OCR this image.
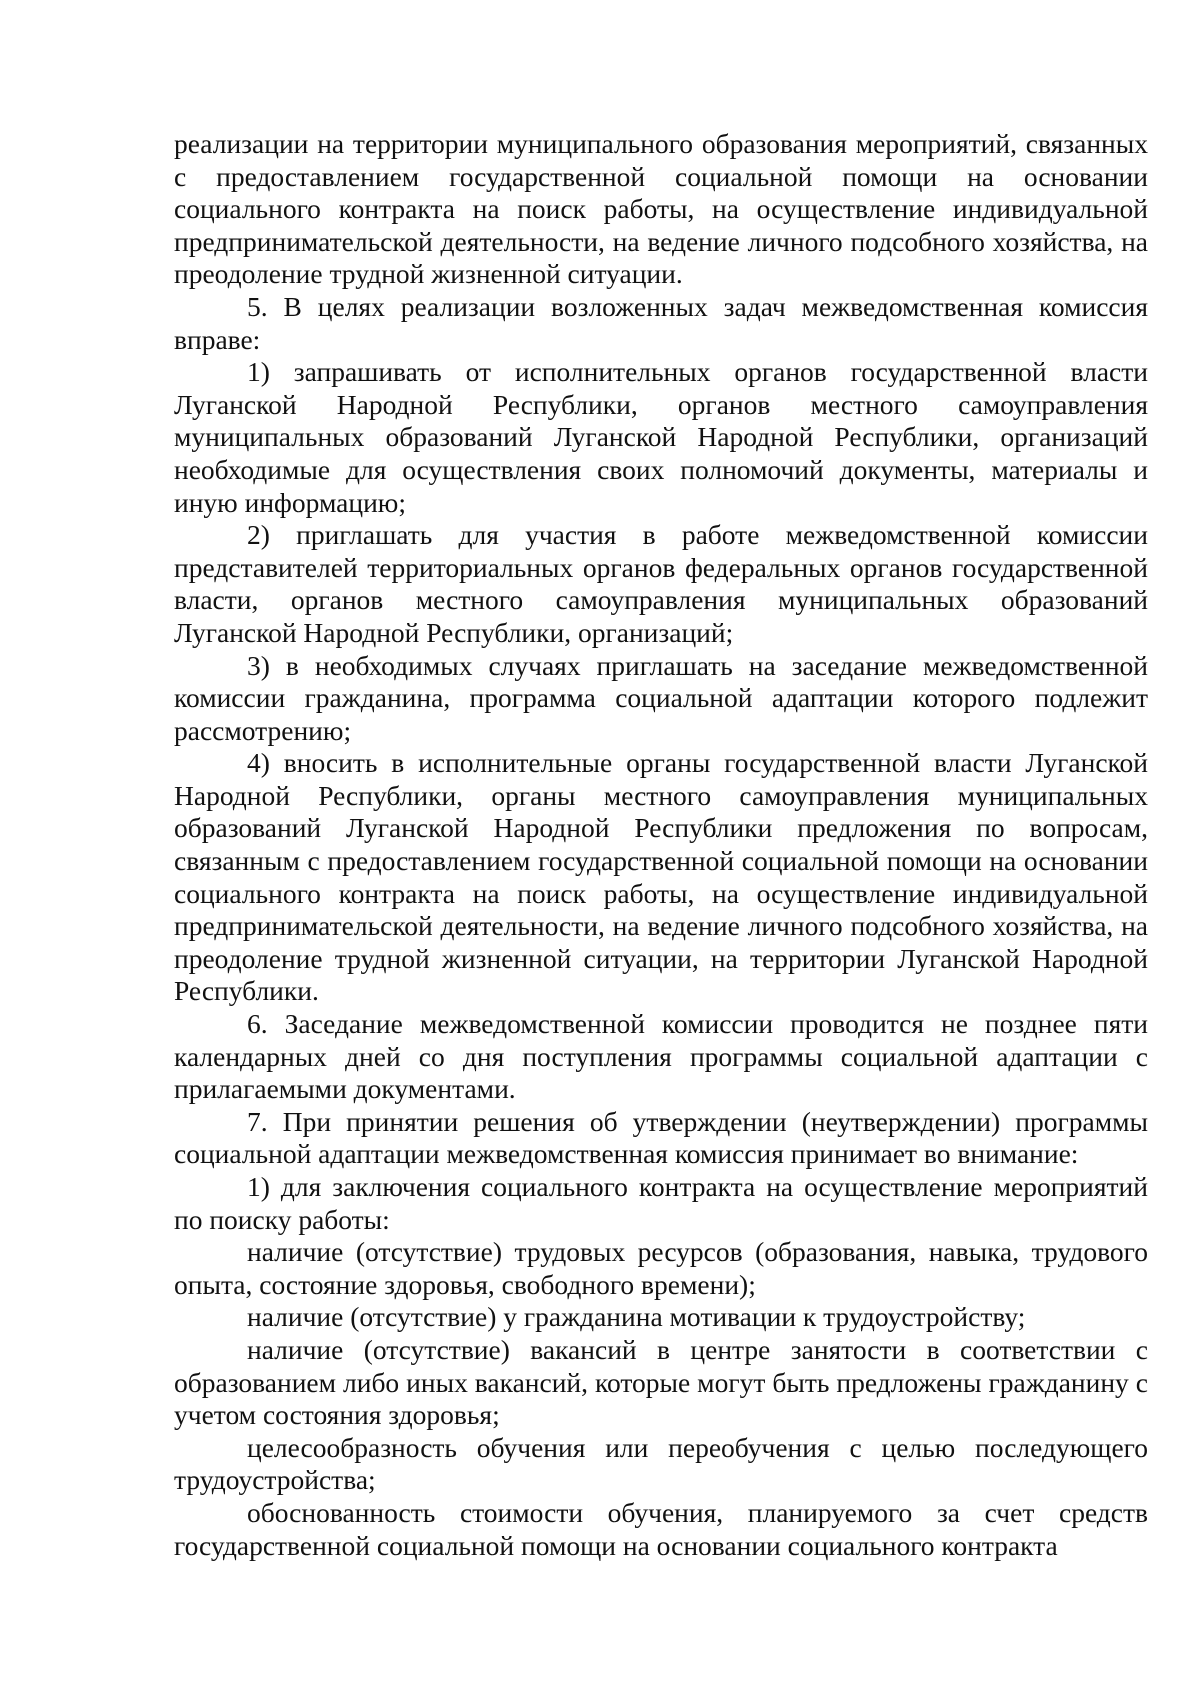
реализации на территории муниципального образования мероприятий, связанных с предоставлением государственной социальной помощи на основании социального контракта на поиск работы, на осуществление индивидуальной предпринимательской деятельности, на ведение личного подсобного хозяйства, на преодоление трудной жизненной ситуации.

5. В целях реализации возложенных задач межведомственная комиссия вправе:

1) запрашивать от исполнительных органов государственной власти Луганской Народной Республики, органов местного самоуправления муниципальных образований Луганской Народной Республики, организаций необходимые для осуществления своих полномочий документы, материалы и иную информацию;

2) приглашать для участия в работе межведомственной комиссии представителей территориальных органов федеральных органов государственной власти, органов местного самоуправления муниципальных образований Луганской Народной Республики, организаций;

3) в необходимых случаях приглашать на заседание межведомственной комиссии гражданина, программа социальной адаптации которого подлежит рассмотрению;

4) вносить в исполнительные органы государственной власти Луганской Народной Республики, органы местного самоуправления муниципальных образований Луганской Народной Республики предложения по вопросам, связанным с предоставлением государственной социальной помощи на основании социального контракта на поиск работы, на осуществление индивидуальной предпринимательской деятельности, на ведение личного подсобного хозяйства, на преодоление трудной жизненной ситуации, на территории Луганской Народной Республики.

6. Заседание межведомственной комиссии проводится не позднее пяти календарных дней со дня поступления программы социальной адаптации с прилагаемыми документами.

7. При принятии решения об утверждении (неутверждении) программы социальной адаптации межведомственная комиссия принимает во внимание:

1) для заключения социального контракта на осуществление мероприятий по поиску работы:

наличие (отсутствие) трудовых ресурсов (образования, навыка, трудового опыта, состояние здоровья, свободного времени);

наличие (отсутствие) у гражданина мотивации к трудоустройству;

наличие (отсутствие) вакансий в центре занятости в соответствии с образованием либо иных вакансий, которые могут быть предложены гражданину с учетом состояния здоровья;

целесообразность обучения или переобучения с целью последующего трудоустройства;

обоснованность стоимости обучения, планируемого за счет средств государственной социальной помощи на основании социального контракта
